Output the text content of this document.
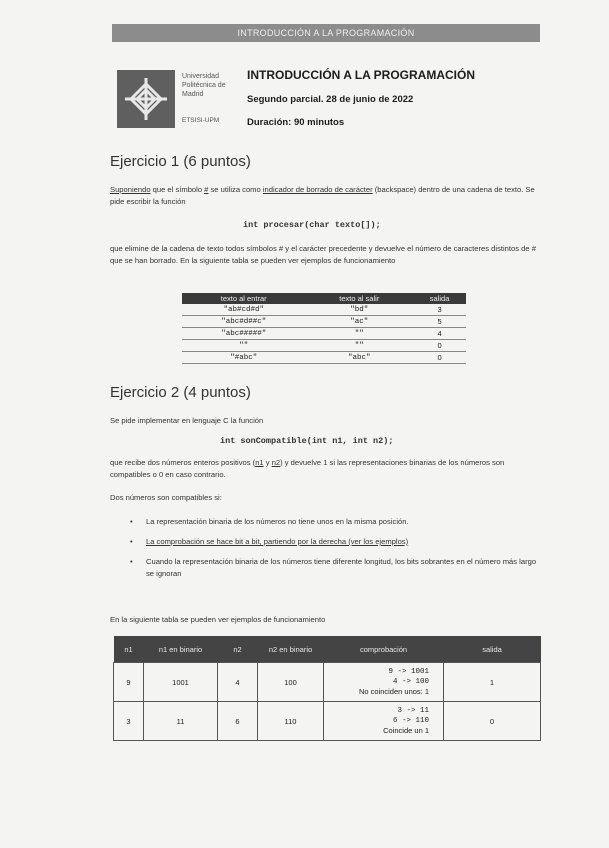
INTRODUCCIÓN A LA PROGRAMACIÓN
Universidad
Politécnica de
Madrid
ETSISI-UPM
INTRODUCCIÓN A LA PROGRAMACIÓN
Segundo parcial. 28 de junio de 2022
Duración: 90 minutos
Ejercicio 1 (6 puntos)

Suponiendo que el símbolo # se utiliza como indicador de borrado de carácter (backspace) dentro de una cadena de texto. Se pide escribir la función

int procesar(char texto[]);

que elimine de la cadena de texto todos símbolos # y el carácter precedente y devuelve el número de caracteres distintos de # que se han borrado. En la siguiente tabla se pueden ver ejemplos de funcionamiento

texto al entrar	texto al salir	salida
"ab#cd#d"	"bd"	3
"abc#d##c"	"ac"	5
"abc#####"	""	4
""	""	0
"#abc"	"abc"	0
Ejercicio 2 (4 puntos)

Se pide implementar en lenguaje C la función

int sonCompatible(int n1, int n2);

que recibe dos números enteros positivos (n1 y n2) y devuelve 1 si las representaciones binarias de los números son compatibles o 0 en caso contrario.

Dos números son compatibles si:

• La representación binaria de los números no tiene unos en la misma posición.
• La comprobación se hace bit a bit, partiendo por la derecha (ver los ejemplos)
• Cuando la representación binaria de los números tiene diferente longitud, los bits sobrantes en el número más largo se ignoran

En la siguiente tabla se pueden ver ejemplos de funcionamiento

n1	n1 en binario	n2	n2 en binario	comprobación	salida
9	1001	4	100	9 -> 1001
4 -> 100
No coinciden unos: 1	1
3	11	6	110	3 -> 11
6 -> 110
Coincide un 1	0
